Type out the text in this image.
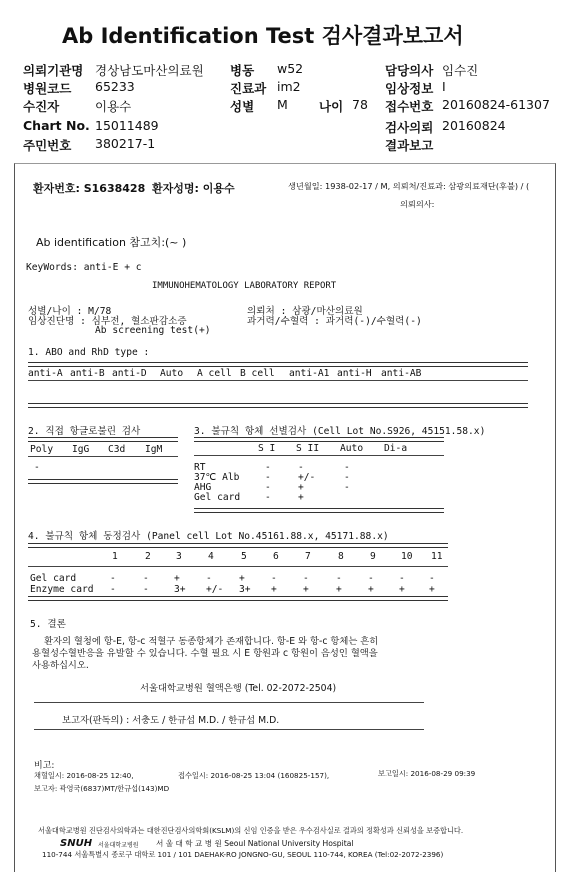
Ab Identification Test 검사결과보고서
의뢰기관명 경상남도마산의료원
병원코드 65233
수진자	이용수
Chart No. 15011489
주민번호 380217-1
병동 w52
진료과 im2
성별 M 나이 78
담당의사 임수진
임상정보 I
접수번호 20160824-61307
검사의뢰 20160824
결과보고
환자번호: S1638428 환자성명: 이용수	생년월일: 1938-02-17 / M, 의뢰처/진료과: 삼광의료재단(후불) / (
의뢰의사:
Ab identification 참고치:(~ )
KeyWords: anti-E + c
IMMUNOHEMATOLOGY LABORATORY REPORT
성별/나이 : M/78
임상진단명 : 심부전, 혈소판감소증
Ab screening test(+)
의뢰처 : 삼광/마산의료원
과거력/수혈력 : 과거력(-)/수혈력(-)
1. ABO and RhD type :
2. 직접 항글로불린 검사
-
3. 불규칙 항체 선별검사 (Cell Lot No.S926, 45151.58.x)
4. 불규칙 항체 동정검사 (Panel cell Lot No.45161.88.x, 45171.88.x)
5. 결론
환자의 혈청에 항-E, 항-c 적혈구 동종항체가 존재합니다. 항-E 와 항-c 항체는 흔히
용혈성수혈반응을 유발할 수 있습니다. 수혈 필요 시 E 항원과 c 항원이 음성인 혈액을
사용하십시오.
서울대학교병원 혈액은행 (Tel. 02-2072-2504)
보고자(판독의) : 서충도 / 한규섭 M.D. / 한규섭 M.D.
비고:
채혈일시: 2016-08-25 12:40,	접수일시: 2016-08-25 13:04 (160825-157),	보고일시: 2016-08-29 09:39
보고자: 곽영국(6837)MT/한규섭(143)MD
서울대학교병원 진단검사의학과는 대한진단검사의학회(KSLM)의 신임 인증을 받은 우수검사실로 결과의 정확성과 신뢰성을 보증합니다.
SNUH 서울대학교병원 서 울 대 학 교 병 원 Seoul National University Hospital
110-744 서울특별시 종로구 대학로 101 / 101 DAEHAK-RO JONGNO-GU, SEOUL 110-744, KOREA (Tel:02-2072-2396)
anti-A anti-B anti-D Auto A cell B cell anti-A1 anti-H anti-AB
Poly IgG C3d IgM	S I S II Auto Di-a
RT	-	-	-
37℃ Alb	-	+/-	-
AHG	-	+	-
Gel card	-	+
1	2	3	4	5	6	7	8	9	10 11
Gel card	-	-	+	-	+	-	-	-	-	-	-
Enzyme card -	-	3+ +/- 3+ +	+	+	+	+	+
